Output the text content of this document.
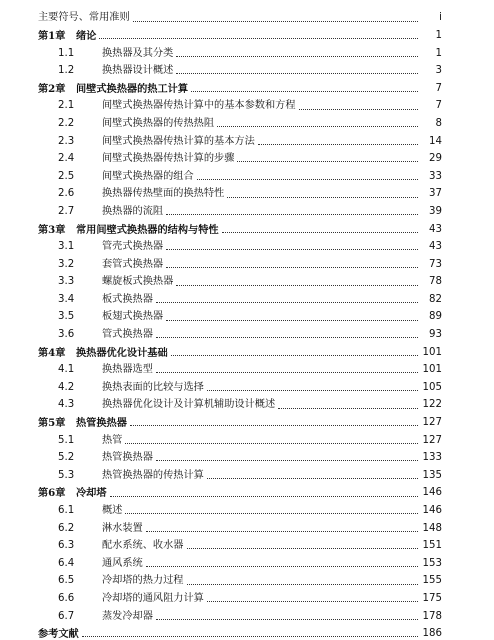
主要符号、常用准则	i
第1章	绪论	1
1.1	换热器及其分类	1
1.2	换热器设计概述	3
第2章	间壁式换热器的热工计算	7
2.1	间壁式换热器传热计算中的基本参数和方程	7
2.2	间壁式换热器的传热热阻	8
2.3	间壁式换热器传热计算的基本方法	14
2.4	间壁式换热器传热计算的步骤	29
2.5	间壁式换热器的组合	33
2.6	换热器传热壁面的换热特性	37
2.7	换热器的流阻	39
第3章	常用间壁式换热器的结构与特性	43
3.1	管壳式换热器	43
3.2	套管式换热器	73
3.3	螺旋板式换热器	78
3.4	板式换热器	82
3.5	板翅式换热器	89
3.6	管式换热器	93
第4章	换热器优化设计基础	101
4.1	换热器选型	101
4.2	换热表面的比较与选择	105
4.3	换热器优化设计及计算机辅助设计概述	122
第5章	热管换热器	127
5.1	热管	127
5.2	热管换热器	133
5.3	热管换热器的传热计算	135
第6章	冷却塔	146
6.1	概述	146
6.2	淋水装置	148
6.3	配水系统、收水器	151
6.4	通风系统	153
6.5	冷却塔的热力过程	155
6.6	冷却塔的通风阻力计算	175
6.7	蒸发冷却器	178
参考文献	186
